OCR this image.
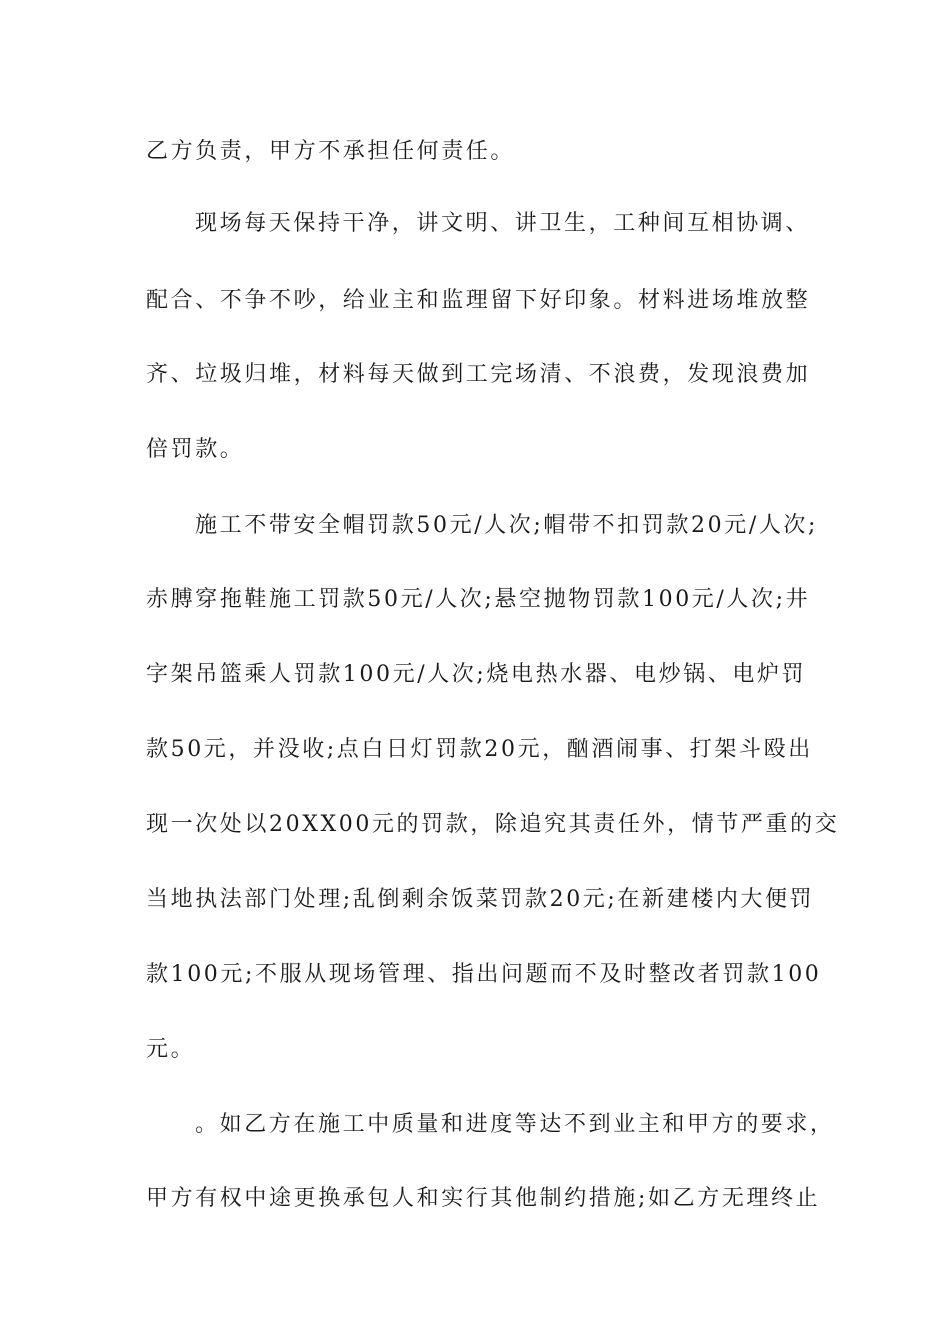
乙方负责，甲方不承担任何责任。
现场每天保持干净，讲文明、讲卫生，工种间互相协调、
配合、不争不吵，给业主和监理留下好印象。材料进场堆放整
齐、垃圾归堆，材料每天做到工完场清、不浪费，发现浪费加
倍罚款。
施工不带安全帽罚款50元/人次;帽带不扣罚款20元/人次;
赤膊穿拖鞋施工罚款50元/人次;悬空抛物罚款100元/人次;井
字架吊篮乘人罚款100元/人次;烧电热水器、电炒锅、电炉罚
款50元，并没收;点白日灯罚款20元，酗酒闹事、打架斗殴出
现一次处以20XX00元的罚款，除追究其责任外，情节严重的交
当地执法部门处理;乱倒剩余饭菜罚款20元;在新建楼内大便罚
款100元;不服从现场管理、指出问题而不及时整改者罚款100
元。
。如乙方在施工中质量和进度等达不到业主和甲方的要求，
甲方有权中途更换承包人和实行其他制约措施;如乙方无理终止
